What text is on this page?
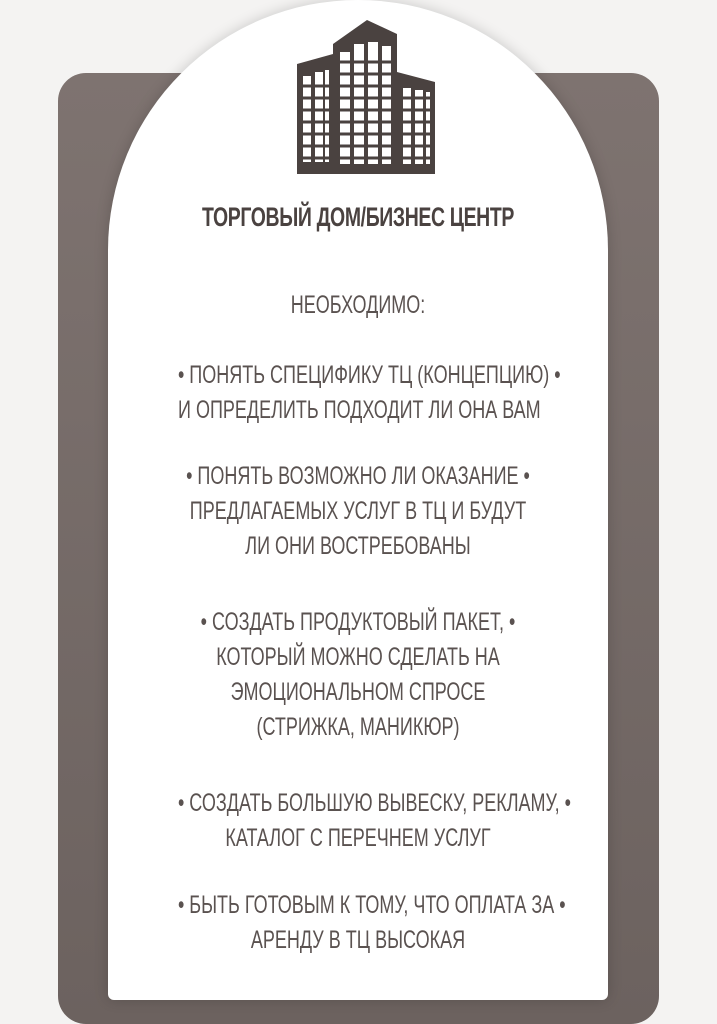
ТОРГОВЫЙ ДОМ/БИЗНЕС ЦЕНТР
НЕОБХОДИМО:
• ПОНЯТЬ СПЕЦИФИКУ ТЦ (КОНЦЕПЦИЮ) •
И ОПРЕДЕЛИТЬ ПОДХОДИТ ЛИ ОНА ВАМ
• ПОНЯТЬ ВОЗМОЖНО ЛИ ОКАЗАНИЕ •
ПРЕДЛАГАЕМЫХ УСЛУГ В ТЦ И БУДУТ
ЛИ ОНИ ВОСТРЕБОВАНЫ
• СОЗДАТЬ ПРОДУКТОВЫЙ ПАКЕТ, •
КОТОРЫЙ МОЖНО СДЕЛАТЬ НА
ЭМОЦИОНАЛЬНОМ СПРОСЕ
(СТРИЖКА, МАНИКЮР)
• СОЗДАТЬ БОЛЬШУЮ ВЫВЕСКУ, РЕКЛАМУ, •
КАТАЛОГ С ПЕРЕЧНЕМ УСЛУГ
• БЫТЬ ГОТОВЫМ К ТОМУ, ЧТО ОПЛАТА ЗА •
АРЕНДУ В ТЦ ВЫСОКАЯ
